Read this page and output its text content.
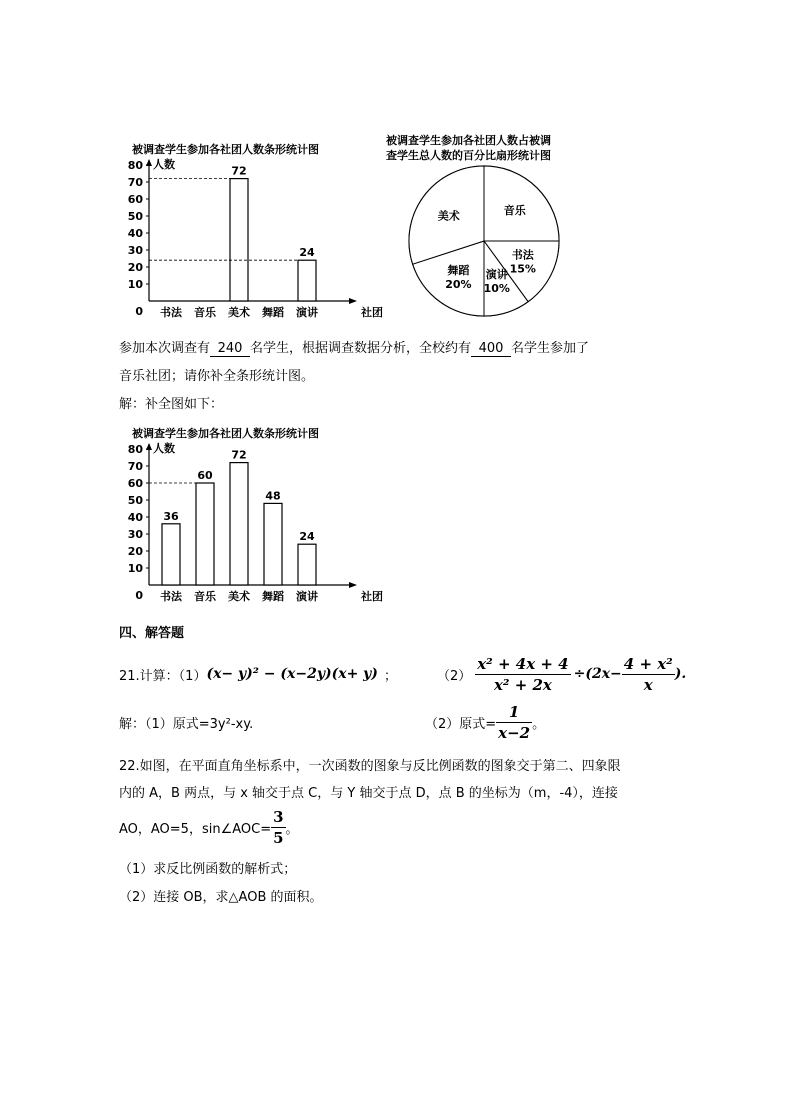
被调查学生参加各社团人数条形统计图
人数
社团
0
10
20
30
40
50
60
70
80
书法 音乐 美术
72
舞蹈 演讲
24
被调查学生参加各社团人数占被调
查学生总人数的百分比扇形统计图
音乐
书法
15%
演讲
10%
舞蹈
20%
美术
参加本次调查有 240 名学生，根据调查数据分析，全校约有 400 名学生参加了
音乐社团；请你补全条形统计图。
解：补全图如下：
被调查学生参加各社团人数条形统计图
人数
社团
0
10
20
30
40
50
60
70
80
书法
36
音乐
60
美术
72
舞蹈
48
演讲
24
四、解答题
21.计算：（1） (x− y)² − (x−2y)(x+ y) ；	$(2) \frac{\text{x² + 4x + 4}}{\text{x² + 2x}} \div(2x- \frac{\text{4 + x²}}{x}$ ).
解：（1）原式=3y²-xy.	（2）原式= $\frac{1}{x-2}$ 。
22.如图，在平面直角坐标系中，一次函数的图象与反比例函数的图象交于第二、四象限
内的 A，B 两点，与 x 轴交于点 C，与 Y 轴交于点 D，点 B 的坐标为（m，-4），连接
AO，AO=5，sin∠AOC= $\frac{3}{5}$ 。
（1）求反比例函数的解析式；
（2）连接 OB，求△AOB 的面积。
